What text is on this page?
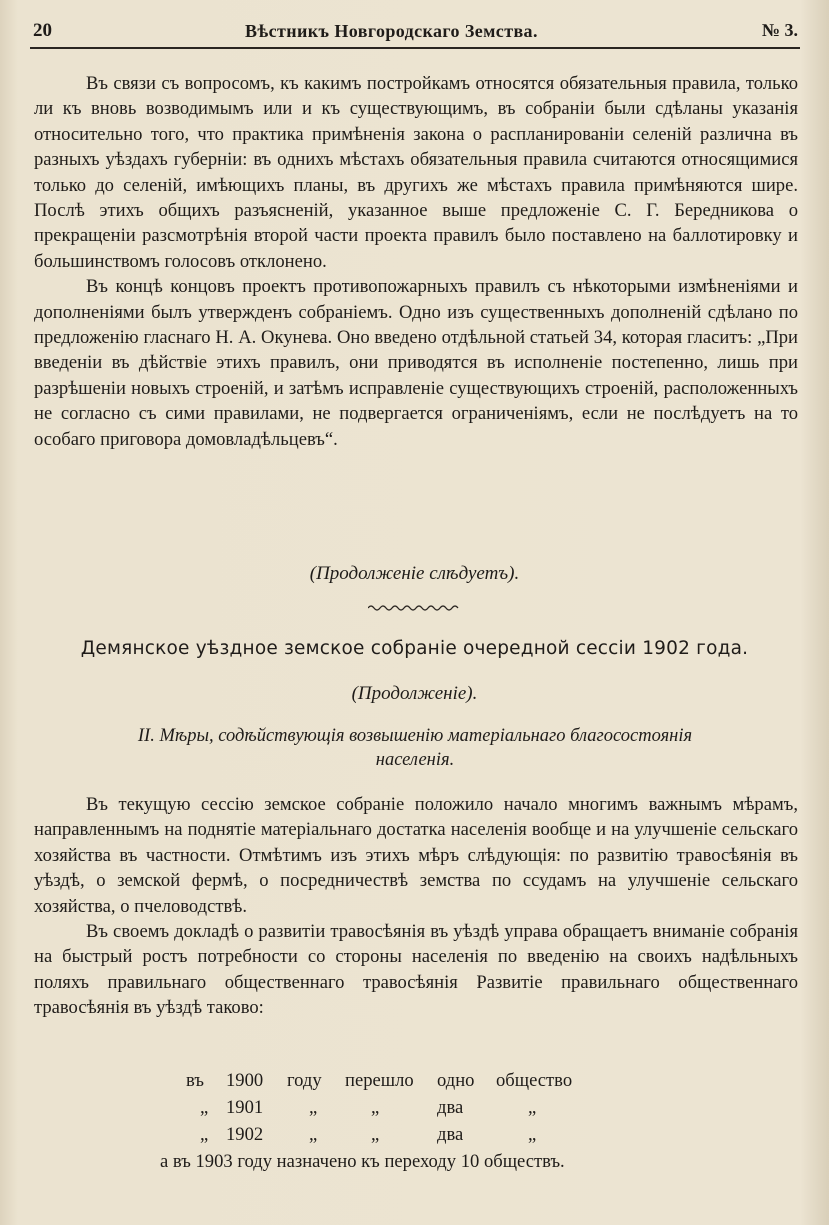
20	Вѣстникъ Новгородскаго Земства.	№ 3.

Въ связи съ вопросомъ, къ какимъ постройкамъ относятся обязательныя правила, только ли къ вновь возводимымъ или и къ существующимъ, въ собраніи были сдѣланы указанія относительно того, что практика примѣненія закона о распланированіи селеній различна въ разныхъ уѣздахъ губерніи: въ однихъ мѣстахъ обязательныя правила считаются относящимися только до селеній, имѣющихъ планы, въ другихъ же мѣстахъ правила примѣняются шире. Послѣ этихъ общихъ разъясненій, указанное выше предложеніе С. Г. Бередникова о прекращеніи разсмотрѣнія второй части проекта правилъ было поставлено на баллотировку и большинствомъ голосовъ отклонено.

Въ концѣ концовъ проектъ противопожарныхъ правилъ съ нѣкоторыми измѣненіями и дополненіями былъ утвержденъ собраніемъ. Одно изъ существенныхъ дополненій сдѣлано по предложенію гласнаго Н. А. Окунева. Оно введено отдѣльной статьей 34, которая гласитъ: „При введеніи въ дѣйствіе этихъ правилъ, они приводятся въ исполненіе постепенно, лишь при разрѣшеніи новыхъ строеній, и затѣмъ исправленіе существующихъ строеній, расположенныхъ не согласно съ сими правилами, не подвергается ограниченіямъ, если не послѣдуетъ на то особаго приговора домовладѣльцевъ“.

(Продолженіе слѣдуетъ).
Демянское уѣздное земское собраніе очередной сессіи 1902 года.
(Продолженіе).
II. Мѣры, содѣйствующія возвышенію матеріальнаго благосостоянія
населенія.

Въ текущую сессію земское собраніе положило начало многимъ важнымъ мѣрамъ, направленнымъ на поднятіе матеріальнаго достатка населенія вообще и на улучшеніе сельскаго хозяйства въ частности. Отмѣтимъ изъ этихъ мѣръ слѣдующія: по развитію травосѣянія въ уѣздѣ, о земской фермѣ, о посредничествѣ земства по ссудамъ на улучшеніе сельскаго хозяйства, о пчеловодствѣ.

Въ своемъ докладѣ о развитіи травосѣянія въ уѣздѣ управа обращаетъ вниманіе собранія на быстрый ростъ потребности со стороны населенія по введенію на своихъ надѣльныхъ поляхъ правильнаго общественнаго травосѣянія Развитіе правильнаго общественнаго травосѣянія въ уѣздѣ таково:

въ 1900 году перешло одно общество
„ 1901 „	„	два	„
„ 1902 „	„	два	„
а въ 1903 году назначено къ переходу 10 обществъ.
